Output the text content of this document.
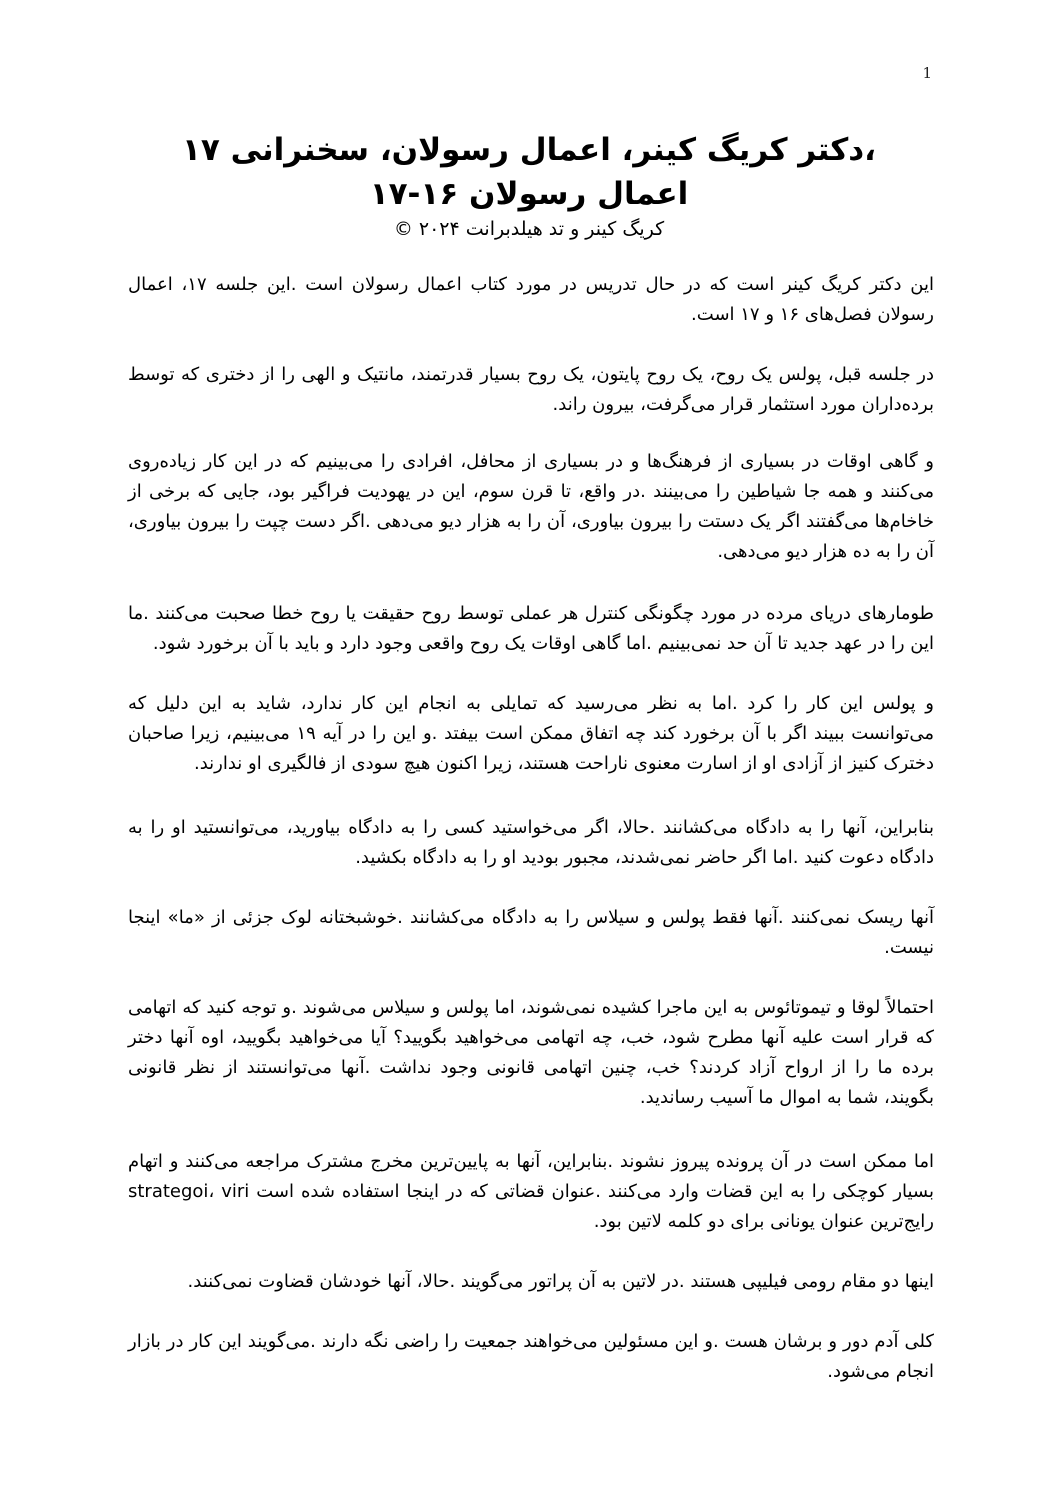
1
،دکتر کریگ کینر، اعمال رسولان، سخنرانی ۱۷
اعمال رسولان ۱۶-۱۷
کریگ کینر و تد هیلدبرانت ۲۰۲۴ ©

این دکتر کریگ کینر است که در حال تدریس در مورد کتاب اعمال رسولان است .این جلسه ۱۷، اعمال رسولان فصل‌های ۱۶ و ۱۷ است.

در جلسه قبل، پولس یک روح، یک روح پایتون، یک روح بسیار قدرتمند، مانتیک و الهی را از دختری که توسط برده‌داران مورد استثمار قرار می‌گرفت، بیرون راند.

و گاهی اوقات در بسیاری از فرهنگ‌ها و در بسیاری از محافل، افرادی را می‌بینیم که در این کار زیاده‌روی می‌کنند و همه جا شیاطین را می‌بینند .در واقع، تا قرن سوم، این در یهودیت فراگیر بود، جایی که برخی از خاخام‌ها می‌گفتند اگر یک دستت را بیرون بیاوری، آن را به هزار دیو می‌دهی .اگر دست چپت را بیرون بیاوری، آن را به ده هزار دیو می‌دهی.

طومارهای دریای مرده در مورد چگونگی کنترل هر عملی توسط روح حقیقت یا روح خطا صحبت می‌کنند .ما این را در عهد جدید تا آن حد نمی‌بینیم .اما گاهی اوقات یک روح واقعی وجود دارد و باید با آن برخورد شود.

و پولس این کار را کرد .اما به نظر می‌رسید که تمایلی به انجام این کار ندارد، شاید به این دلیل که می‌توانست ببیند اگر با آن برخورد کند چه اتفاق ممکن است بیفتد .و این را در آیه ۱۹ می‌بینیم، زیرا صاحبان دخترک کنیز از آزادی او از اسارت معنوی ناراحت هستند، زیرا اکنون هیچ سودی از فالگیری او ندارند.

بنابراین، آنها را به دادگاه می‌کشانند .حالا، اگر می‌خواستید کسی را به دادگاه بیاورید، می‌توانستید او را به دادگاه دعوت کنید .اما اگر حاضر نمی‌شدند، مجبور بودید او را به دادگاه بکشید.

آنها ریسک نمی‌کنند .آنها فقط پولس و سیلاس را به دادگاه می‌کشانند .خوشبختانه لوک جزئی از «ما» اینجا نیست.

احتمالاً لوقا و تیموتائوس به این ماجرا کشیده نمی‌شوند، اما پولس و سیلاس می‌شوند .و توجه کنید که اتهامی که قرار است علیه آنها مطرح شود، خب، چه اتهامی می‌خواهید بگویید؟ آیا می‌خواهید بگویید، اوه آنها دختر برده ما را از ارواح آزاد کردند؟ خب، چنین اتهامی قانونی وجود نداشت .آنها می‌توانستند از نظر قانونی بگویند، شما به اموال ما آسیب رساندید.

اما ممکن است در آن پرونده پیروز نشوند .بنابراین، آنها به پایین‌ترین مخرج مشترک مراجعه می‌کنند و اتهام بسیار کوچکی را به این قضات وارد می‌کنند .عنوان قضاتی که در اینجا استفاده شده است strategoi، viri رایج‌ترین عنوان یونانی برای دو کلمه لاتین بود.

اینها دو مقام رومی فیلیپی هستند .در لاتین به آن پراتور می‌گویند .حالا، آنها خودشان قضاوت نمی‌کنند.

کلی آدم دور و برشان هست .و این مسئولین می‌خواهند جمعیت را راضی نگه دارند .می‌گویند این کار در بازار انجام می‌شود.
